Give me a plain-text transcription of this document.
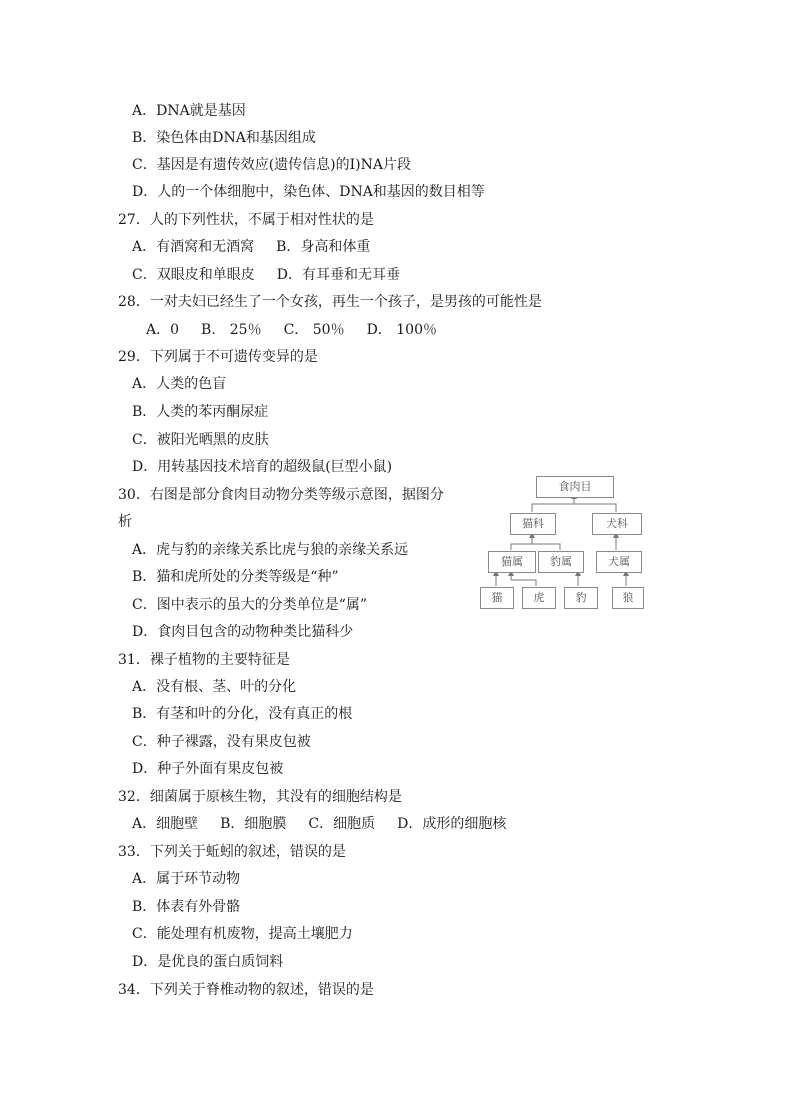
A．DNA就是基因
B．染色体由DNA和基因组成
C．基因是有遗传效应(遗传信息)的I)NA片段
D．人的一个体细胞中，染色体、DNA和基因的数目相等
27．人的下列性状，不属于相对性状的是
A．有酒窝和无酒窝 B．身高和体重
C．双眼皮和单眼皮 D．有耳垂和无耳垂
28．一对夫妇已经生了一个女孩，再生一个孩子，是男孩的可能性是
A．0 B． 25％ C． 50％ D． 100％
29．下列属于不可遗传变异的是
A．人类的色盲
B．人类的苯丙酮尿症
C．被阳光晒黑的皮肤
D．用转基因技术培育的超级鼠(巨型小鼠)
30．右图是部分食肉目动物分类等级示意图，据图分
析
A．虎与豹的亲缘关系比虎与狼的亲缘关系远
B．猫和虎所处的分类等级是“种”
C．图中表示的虽大的分类单位是“属”
D．食肉目包含的动物种类比猫科少
食肉目
猫科	犬科
猫属	豹属	犬属
猫	虎	豹	狼
31．裸子植物的主要特征是
A．没有根、茎、叶的分化
B．有茎和叶的分化，没有真正的根
C．种子裸露，没有果皮包被
D．种子外面有果皮包被
32．细菌属于原核生物，其没有的细胞结构是
A．细胞壁 B．细胞膜 C．细胞质 D．成形的细胞核
33．下列关于蚯蚓的叙述，错误的是
A．属于环节动物
B．体表有外骨骼
C．能处理有机废物，提高土壤肥力
D．是优良的蛋白质饲料
34．下列关于脊椎动物的叙述，错误的是
